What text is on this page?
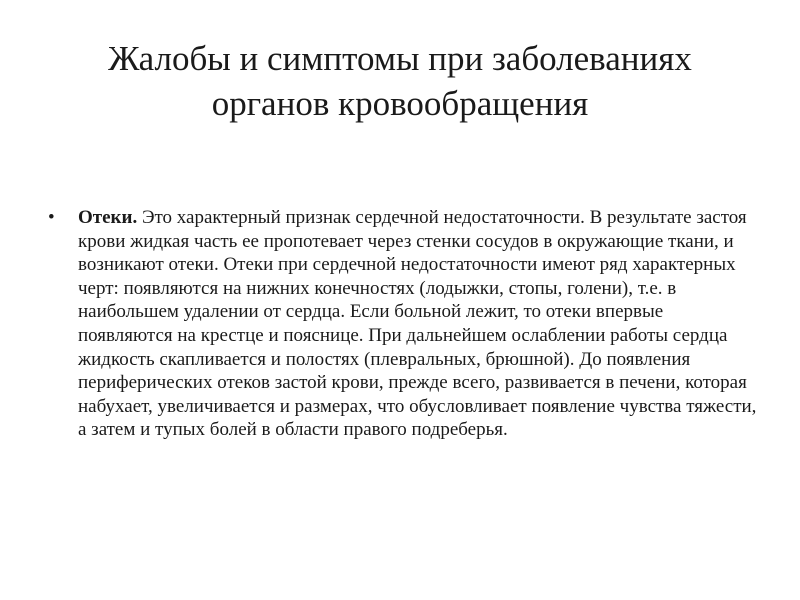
Жалобы и симптомы при заболеваниях
органов кровообращения

• Отеки. Это характерный признак сердечной недостаточности. В результате застоя крови жидкая часть ее пропотевает через стенки сосудов в окружающие ткани, и возникают отеки. Отеки при сердечной недостаточности имеют ряд характерных черт: появляются на нижних конечностях (лодыжки, стопы, голени), т.е. в наибольшем удалении от сердца. Если больной лежит, то отеки впервые появляются на крестце и пояснице. При дальнейшем ослаблении работы сердца жидкость скапливается и полостях (плевральных, брюшной). До появления периферических отеков застой крови, прежде всего, развивается в печени, которая набухает, увеличивается и размерах, что обусловливает появление чувства тяжести, а затем и тупых болей в области правого подреберья.
